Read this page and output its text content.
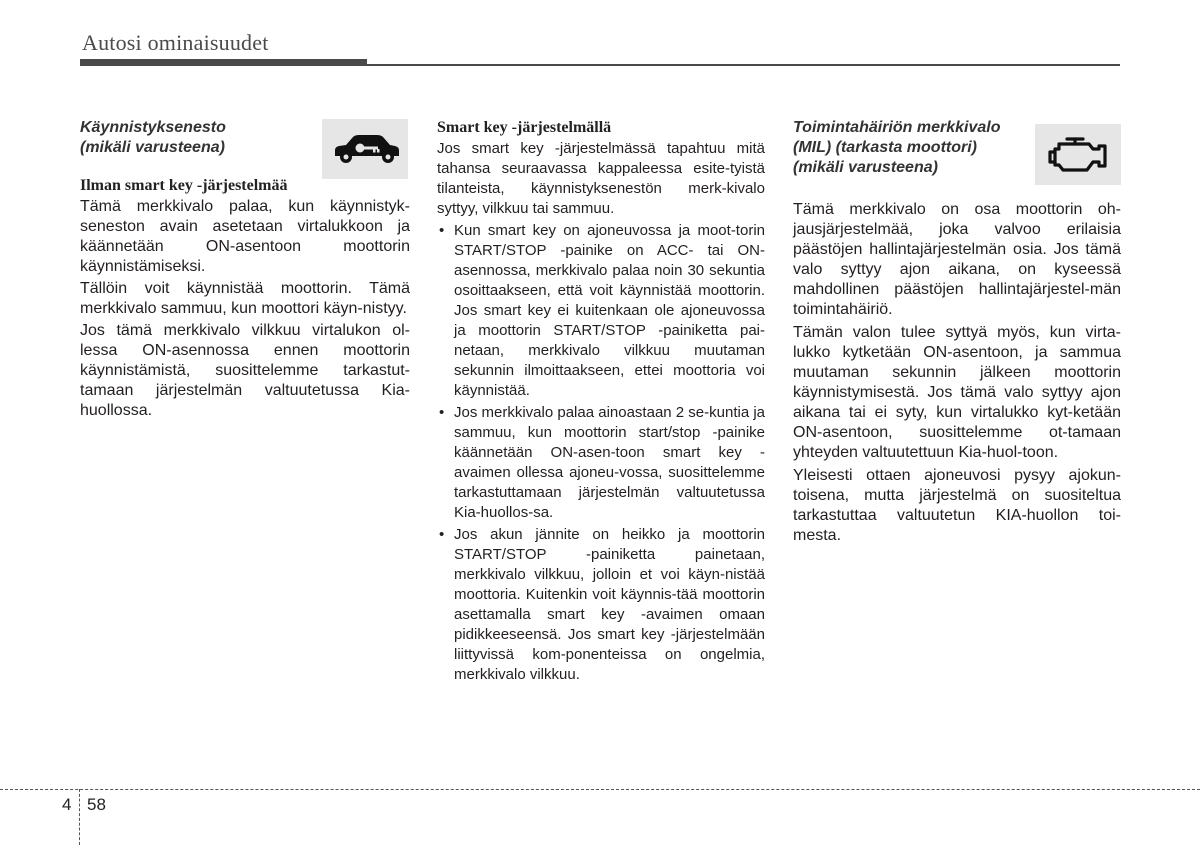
Autosi ominaisuudet
Käynnistyksenesto
(mikäli varusteena)
Ilman smart key -järjestelmää

Tämä merkkivalo palaa, kun käynnistyk-seneston avain asetetaan virtalukkoon ja käännetään ON-asentoon moottorin käynnistämiseksi.

Tällöin voit käynnistää moottorin. Tämä merkkivalo sammuu, kun moottori käyn-nistyy.

Jos tämä merkkivalo vilkkuu virtalukon ol-lessa ON-asennossa ennen moottorin käynnistämistä, suosittelemme tarkastut-tamaan järjestelmän valtuutetussa Kia-huollossa.

Smart key -järjestelmällä

Jos smart key -järjestelmässä tapahtuu mitä tahansa seuraavassa kappaleessa esite-tyistä tilanteista, käynnistyksenestön merk-kivalo syttyy, vilkkuu tai sammuu.

• Kun smart key on ajoneuvossa ja moot-torin START/STOP -painike on ACC- tai ON-asennossa, merkkivalo palaa noin 30 sekuntia osoittaakseen, että voit käynnistää moottorin. Jos smart key ei kuitenkaan ole ajoneuvossa ja moottorin START/STOP -painiketta pai-netaan, merkkivalo vilkkuu muutaman sekunnin ilmoittaakseen, ettei moottoria voi käynnistää.
• Jos merkkivalo palaa ainoastaan 2 se-kuntia ja sammuu, kun moottorin start/stop -painike käännetään ON-asen-toon smart key -avaimen ollessa ajoneu-vossa, suosittelemme tarkastuttamaan järjestelmän valtuutetussa Kia-huollos-sa.
• Jos akun jännite on heikko ja moottorin START/STOP -painiketta painetaan, merkkivalo vilkkuu, jolloin et voi käyn-nistää moottoria. Kuitenkin voit käynnis-tää moottorin asettamalla smart key -avaimen omaan pidikkeeseensä. Jos smart key -järjestelmään liittyvissä kom-ponenteissa on ongelmia, merkkivalo vilkkuu.
Toimintahäiriön merkkivalo
(MIL) (tarkasta moottori)
(mikäli varusteena)

Tämä merkkivalo on osa moottorin oh-jausjärjestelmää, joka valvoo erilaisia päästöjen hallintajärjestelmän osia. Jos tämä valo syttyy ajon aikana, on kyseessä mahdollinen päästöjen hallintajärjestel-män toimintahäiriö.

Tämän valon tulee syttyä myös, kun virta-lukko kytketään ON-asentoon, ja sammua muutaman sekunnin jälkeen moottorin käynnistymisestä. Jos tämä valo syttyy ajon aikana tai ei syty, kun virtalukko kyt-ketään ON-asentoon, suosittelemme ot-tamaan yhteyden valtuutettuun Kia-huol-toon.

Yleisesti ottaen ajoneuvosi pysyy ajokun-toisena, mutta järjestelmä on suositeltua tarkastuttaa valtuutetun KIA-huollon toi-mesta.

4 58
